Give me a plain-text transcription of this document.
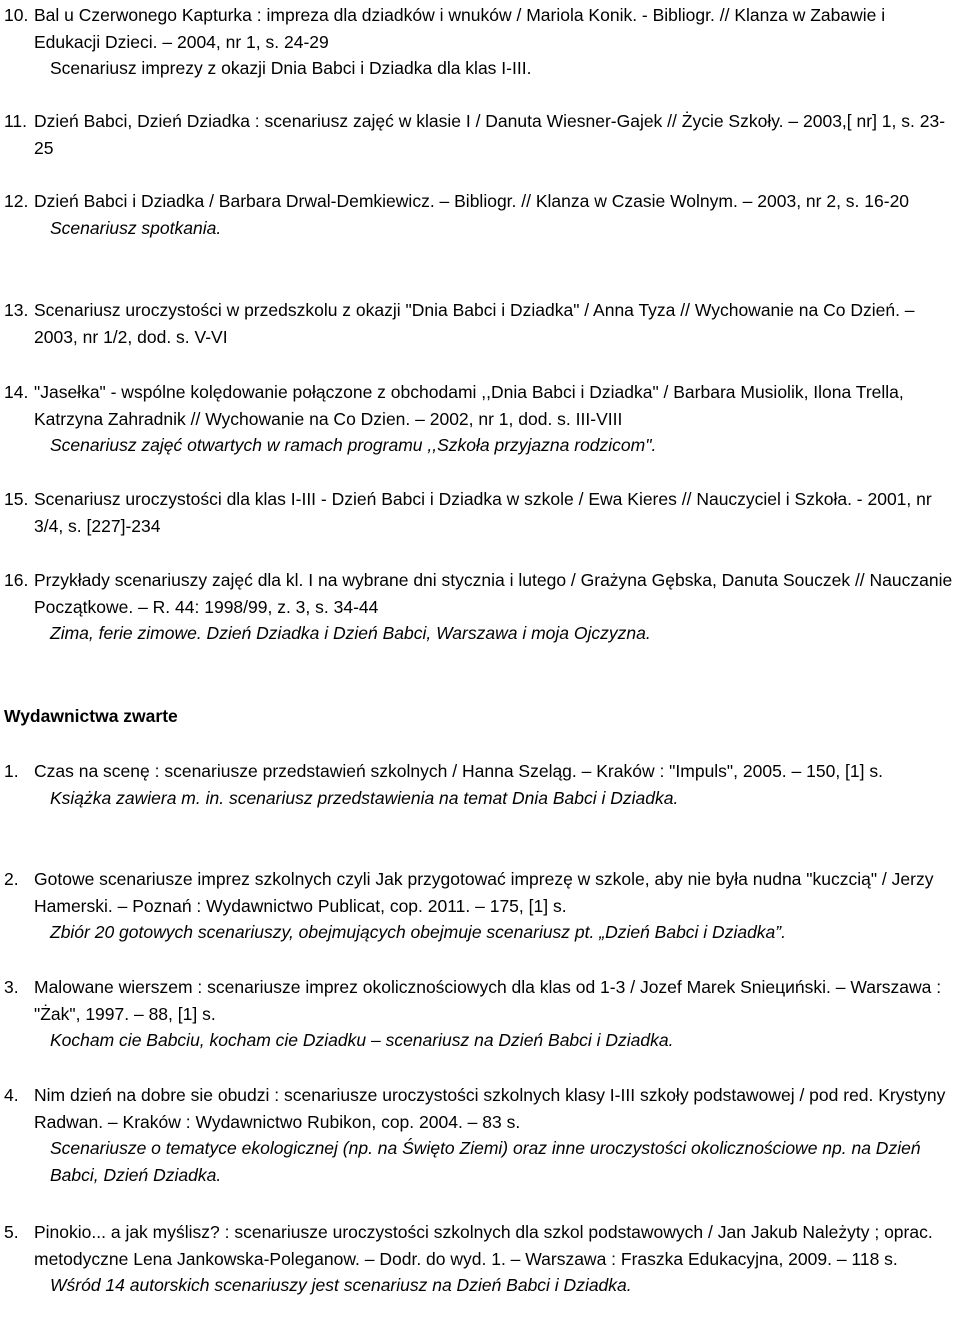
10. Bal u Czerwonego Kapturka : impreza dla dziadków i wnuków / Mariola Konik. - Bibliogr. // Klanza w Zabawie i Edukacji Dzieci. – 2004, nr 1, s. 24-29
Scenariusz imprezy z okazji Dnia Babci i Dziadka dla klas I-III.
11. Dzień Babci, Dzień Dziadka : scenariusz zajęć w klasie I / Danuta Wiesner-Gajek // Życie Szkoły. – 2003,[ nr] 1, s. 23-25
12. Dzień Babci i Dziadka / Barbara Drwal-Demkiewicz. – Bibliogr. // Klanza w Czasie Wolnym. – 2003, nr 2, s. 16-20
Scenariusz spotkania.
13. Scenariusz uroczystości w przedszkolu z okazji "Dnia Babci i Dziadka" / Anna Tyza // Wychowanie na Co Dzień. – 2003, nr 1/2, dod. s. V-VI
14. "Jasełka" - wspólne kolędowanie połączone z obchodami ,,Dnia Babci i Dziadka" / Barbara Musiolik, Ilona Trella, Katrzyna Zahradnik // Wychowanie na Co Dzien. – 2002, nr 1, dod. s. III-VIII
Scenariusz zajęć otwartych w ramach programu ,,Szkoła przyjazna rodzicom".
15. Scenariusz uroczystości dla klas I-III - Dzień Babci i Dziadka w szkole / Ewa Kieres // Nauczyciel i Szkoła. - 2001, nr 3/4, s. [227]-234
16. Przykłady scenariuszy zajęć dla kl. I na wybrane dni stycznia i lutego / Grażyna Gębska, Danuta Souczek // Nauczanie Początkowe. – R. 44: 1998/99, z. 3, s. 34-44
Zima, ferie zimowe. Dzień Dziadka i Dzień Babci, Warszawa i moja Ojczyzna.
Wydawnictwa zwarte
1. Czas na scenę : scenariusze przedstawień szkolnych / Hanna Szeląg. – Kraków : "Impuls", 2005. – 150, [1] s.
Książka zawiera m. in. scenariusz przedstawienia na temat Dnia Babci i Dziadka.
2. Gotowe scenariusze imprez szkolnych czyli Jak przygotować imprezę w szkole, aby nie była nudna "kuczcią" / Jerzy Hamerski. – Poznań : Wydawnictwo Publicat, cop. 2011. – 175, [1] s.
Zbiór 20 gotowych scenariuszy, obejmujących obejmuje scenariusz pt. „Dzień Babci i Dziadka”.
3. Malowane wierszem : scenariusze imprez okolicznościowych dla klas od 1-3 / Jozef Marek Sniециński. – Warszawa : "Żak", 1997. – 88, [1] s.
Kocham cie Babciu, kocham cie Dziadku – scenariusz na Dzień Babci i Dziadka.
4. Nim dzień na dobre sie obudzi : scenariusze uroczystości szkolnych klasy I-III szkoły podstawowej / pod red. Krystyny Radwan. – Kraków : Wydawnictwo Rubikon, cop. 2004. – 83 s.
Scenariusze o tematyce ekologicznej (np. na Święto Ziemi) oraz inne uroczystości okolicznościowe np. na Dzień Babci, Dzień Dziadka.
5. Pinokio... a jak myślisz? : scenariusze uroczystości szkolnych dla szkol podstawowych / Jan Jakub Należyty ; oprac. metodyczne Lena Jankowska-Poleganow. – Dodr. do wyd. 1. – Warszawa : Fraszka Edukacyjna, 2009. – 118 s.
Wśród 14 autorskich scenariuszy jest scenariusz na Dzień Babci i Dziadka.
